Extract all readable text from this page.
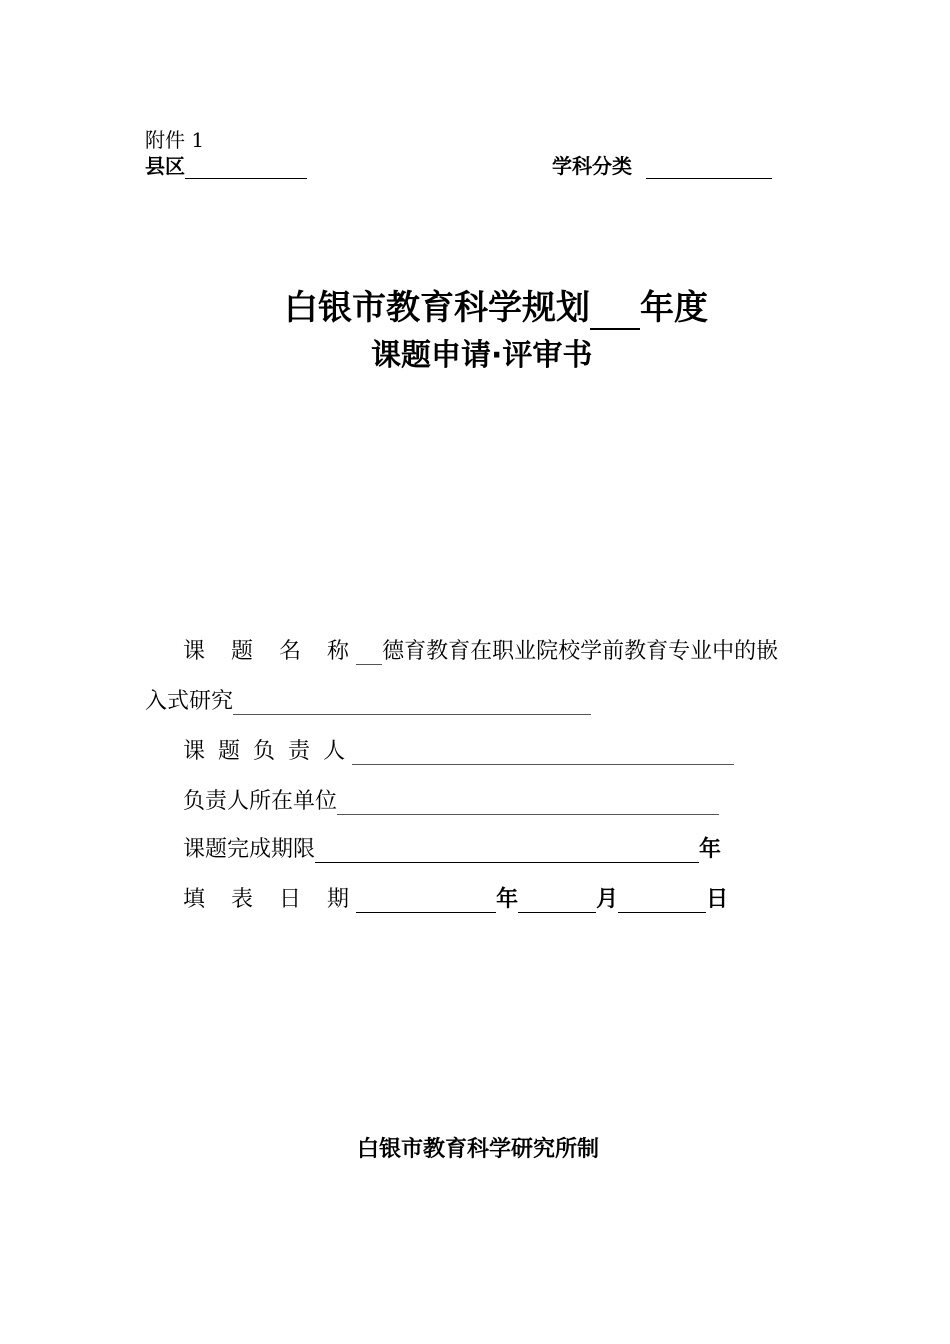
附件 1
县区	学科分类
白银市教育科学规划 年度
课题申请·评审书
课 题 名 称 德育教育在职业院校学前教育专业中的嵌
入式研究
课 题 负 责 人
负责人所在单位
课题完成期限	年
填 表 日 期	年	月	日
白银市教育科学研究所制
